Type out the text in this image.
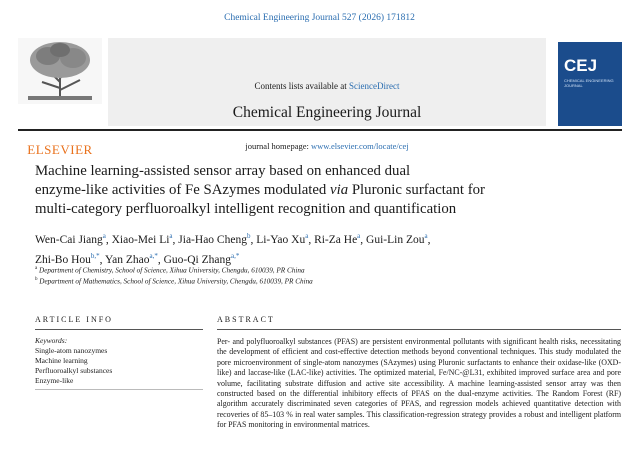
Chemical Engineering Journal 527 (2026) 171812
ELSEVIER
Contents lists available at ScienceDirect
Chemical Engineering Journal
journal homepage: www.elsevier.com/locate/cej
CEJ
CHEMICAL ENGINEERING JOURNAL
Machine learning-assisted sensor array based on enhanced dual
enzyme-like activities of Fe SAzymes modulated via Pluronic surfactant for
multi-category perfluoroalkyl intelligent recognition and quantification
Wen-Cai Jiang$^a$, Xiao-Mei Li$^a$, Jia-Hao Cheng$^b$, Li-Yao Xu$^a$, Ri-Za He$^a$, Gui-Lin Zou$^a$,
Zhi-Bo Hou$^{b,*}$, Yan Zhao$^{a,*}$, Guo-Qi Zhang$^{a,*}$
$^a$ Department of Chemistry, School of Science, Xihua University, Chengdu, 610039, PR China
$^b$ Department of Mathematics, School of Science, Xihua University, Chengdu, 610039, PR China
ARTICLE INFO
Keywords:
Single-atom nanozymes
Machine learning
Perfluoroalkyl substances
Enzyme-like
ABSTRACT
Per- and polyfluoroalkyl substances (PFAS) are persistent environmental pollutants with significant health risks, necessitating the development of efficient and cost-effective detection methods beyond conventional techniques. This study modulated the pore microenvironment of single-atom nanozymes (SAzymes) using Pluronic surfactants to enhance their oxidase-like (OXD-like) and laccase-like (LAC-like) activities. The optimized material, Fe/NC-@L31, exhibited improved surface area and pore volume, facilitating substrate diffusion and active site accessibility. A machine learning-assisted sensor array was then constructed based on the differential inhibitory effects of PFAS on the dual-enzyme activities. The Random Forest (RF) algorithm accurately discriminated seven categories of PFAS, and regression models achieved quantitative detection with recoveries of 85–103 % in real water samples. This classification-regression strategy provides a robust and intelligent platform for PFAS monitoring in environmental matrices.
